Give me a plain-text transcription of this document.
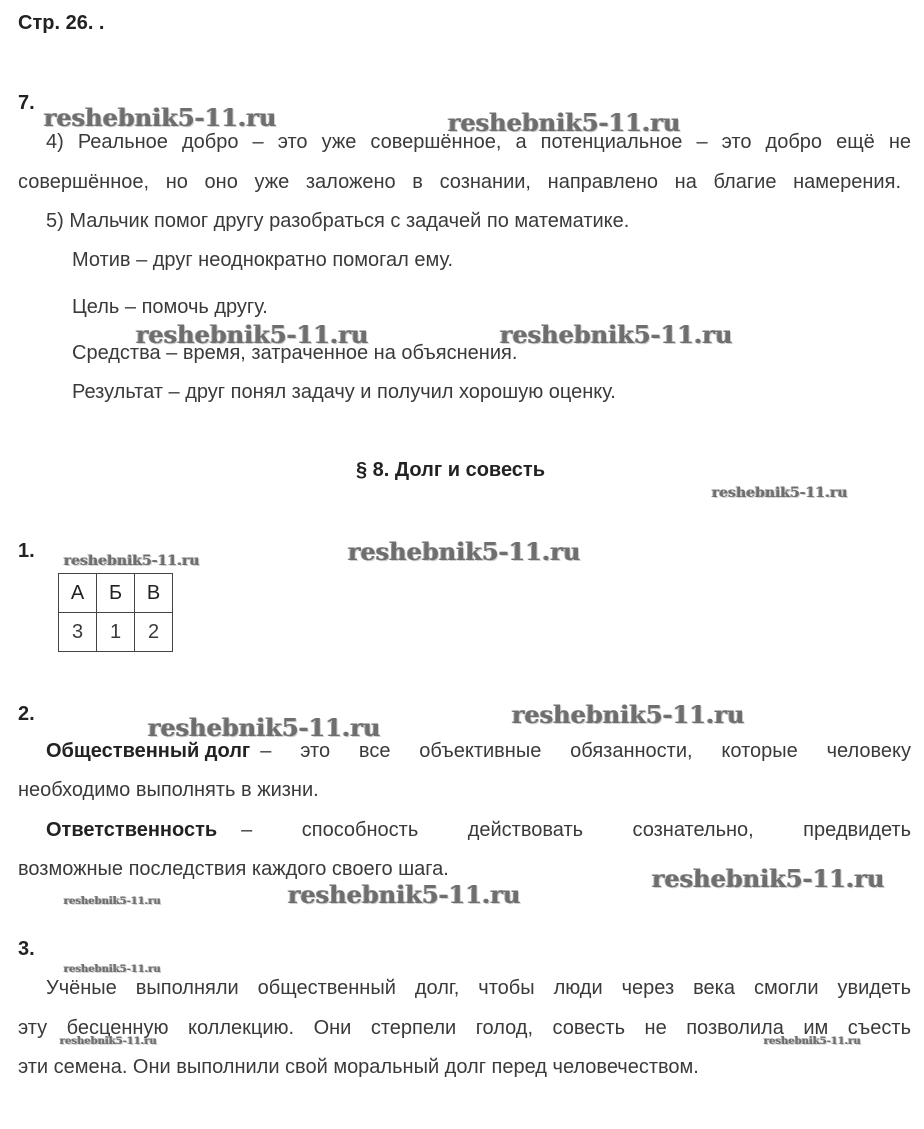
Стр. 26. .
7.
4) Реальное добро – это уже совершённое, а потенциальное – это добро ещё не
совершённое, но оно уже заложено в сознании, направлено на благие намерения.
5) Мальчик помог другу разобраться с задачей по математике.
Мотив – друг неоднократно помогал ему.
Цель – помочь другу.
Средства – время, затраченное на объяснения.
Результат – друг понял задачу и получил хорошую оценку.
§ 8. Долг и совесть
1.
А	Б	В
3	1	2
2.
Общественный долг – это все объективные обязанности, которые человеку
необходимо выполнять в жизни.
Ответственность – способность действовать сознательно, предвидеть
возможные последствия каждого своего шага.
3.
Учёные выполняли общественный долг, чтобы люди через века смогли увидеть
эту бесценную коллекцию. Они стерпели голод, совесть не позволила им съесть
эти семена. Они выполнили свой моральный долг перед человечеством.
reshebnik5-11.ru	reshebnik5-11.ru
reshebnik5-11.ru	reshebnik5-11.ru
reshebnik5-11.ru
reshebnik5-11.ru	reshebnik5-11.ru
reshebnik5-11.ru	reshebnik5-11.ru
reshebnik5-11.ru
reshebnik5-11.ru
reshebnik5-11.ru
reshebnik5-11.ru
reshebnik5-11.ru	reshebnik5-11.ru
